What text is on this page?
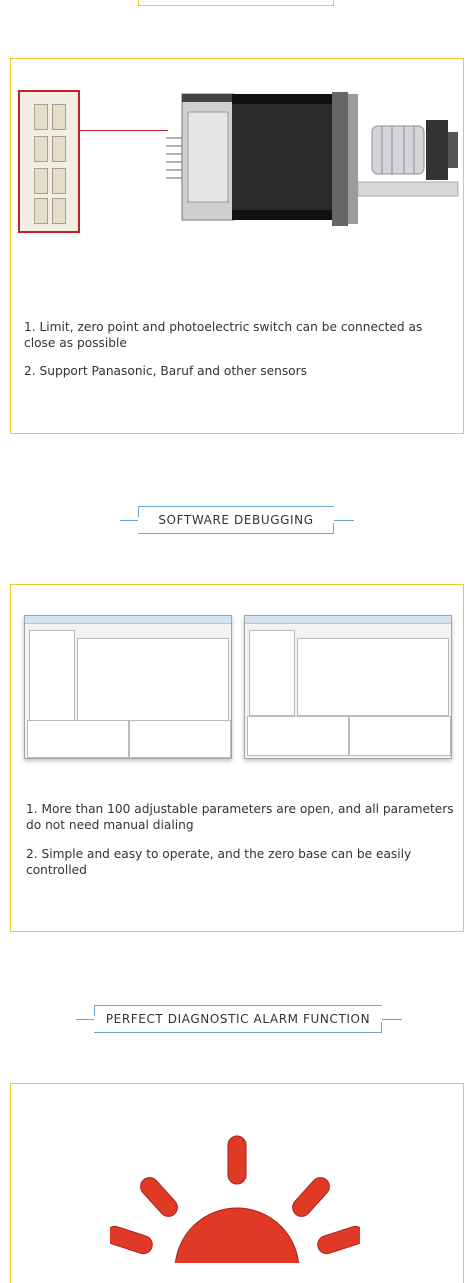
1. Limit, zero point and photoelectric switch can be connected as close as possible
2. Support Panasonic, Baruf and other sensors
SOFTWARE DEBUGGING
1. More than 100 adjustable parameters are open, and all parameters do not need manual dialing
2. Simple and easy to operate, and the zero base can be easily controlled
PERFECT DIAGNOSTIC ALARM FUNCTION
